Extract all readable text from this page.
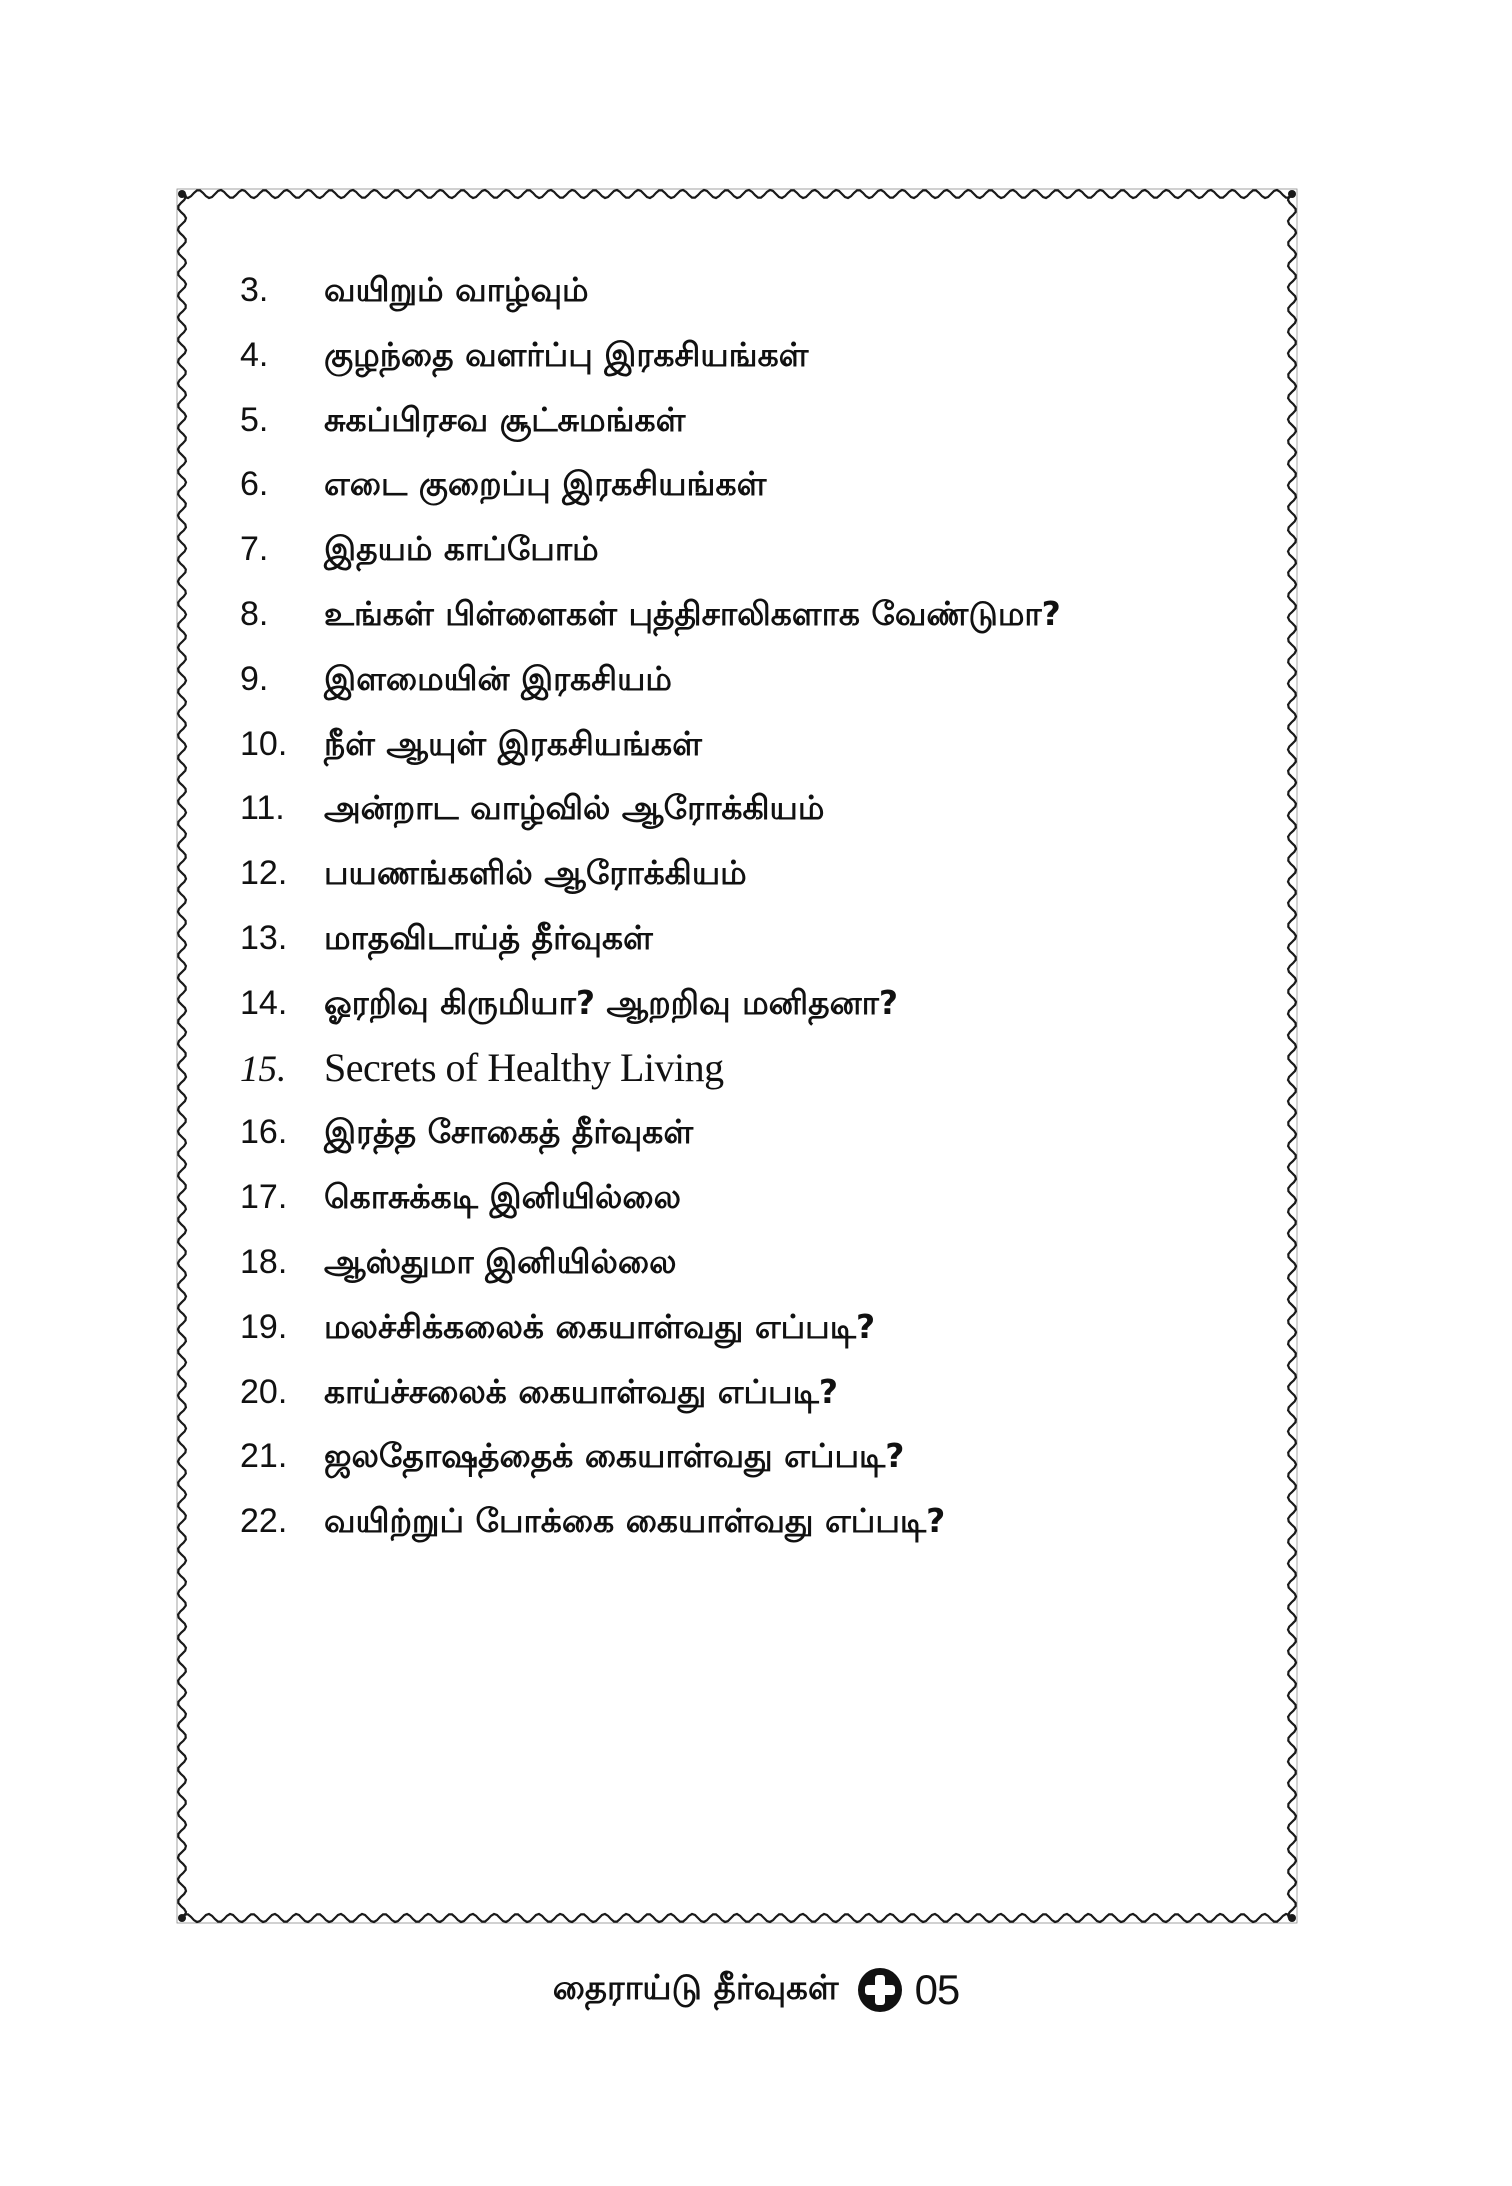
3.	வயிறும் வாழ்வும்
4.	குழந்தை வளர்ப்பு இரகசியங்கள்
5.	சுகப்பிரசவ சூட்சுமங்கள்
6.	எடை குறைப்பு இரகசியங்கள்
7.	இதயம் காப்போம்
8.	உங்கள் பிள்ளைகள் புத்திசாலிகளாக வேண்டுமா?
9.	இளமையின் இரகசியம்
10.	நீள் ஆயுள் இரகசியங்கள்
11.	அன்றாட வாழ்வில் ஆரோக்கியம்
12.	பயணங்களில் ஆரோக்கியம்
13.	மாதவிடாய்த் தீர்வுகள்
14.	ஓரறிவு கிருமியா? ஆறறிவு மனிதனா?
15. Secrets of Healthy Living
16.	இரத்த சோகைத் தீர்வுகள்
17.	கொசுக்கடி இனியில்லை
18.	ஆஸ்துமா இனியில்லை
19.	மலச்சிக்கலைக் கையாள்வது எப்படி?
20.	காய்ச்சலைக் கையாள்வது எப்படி?
21.	ஜலதோஷத்தைக் கையாள்வது எப்படி?
22.	வயிற்றுப் போக்கை கையாள்வது எப்படி?
தைராய்டு தீர்வுகள் 05
